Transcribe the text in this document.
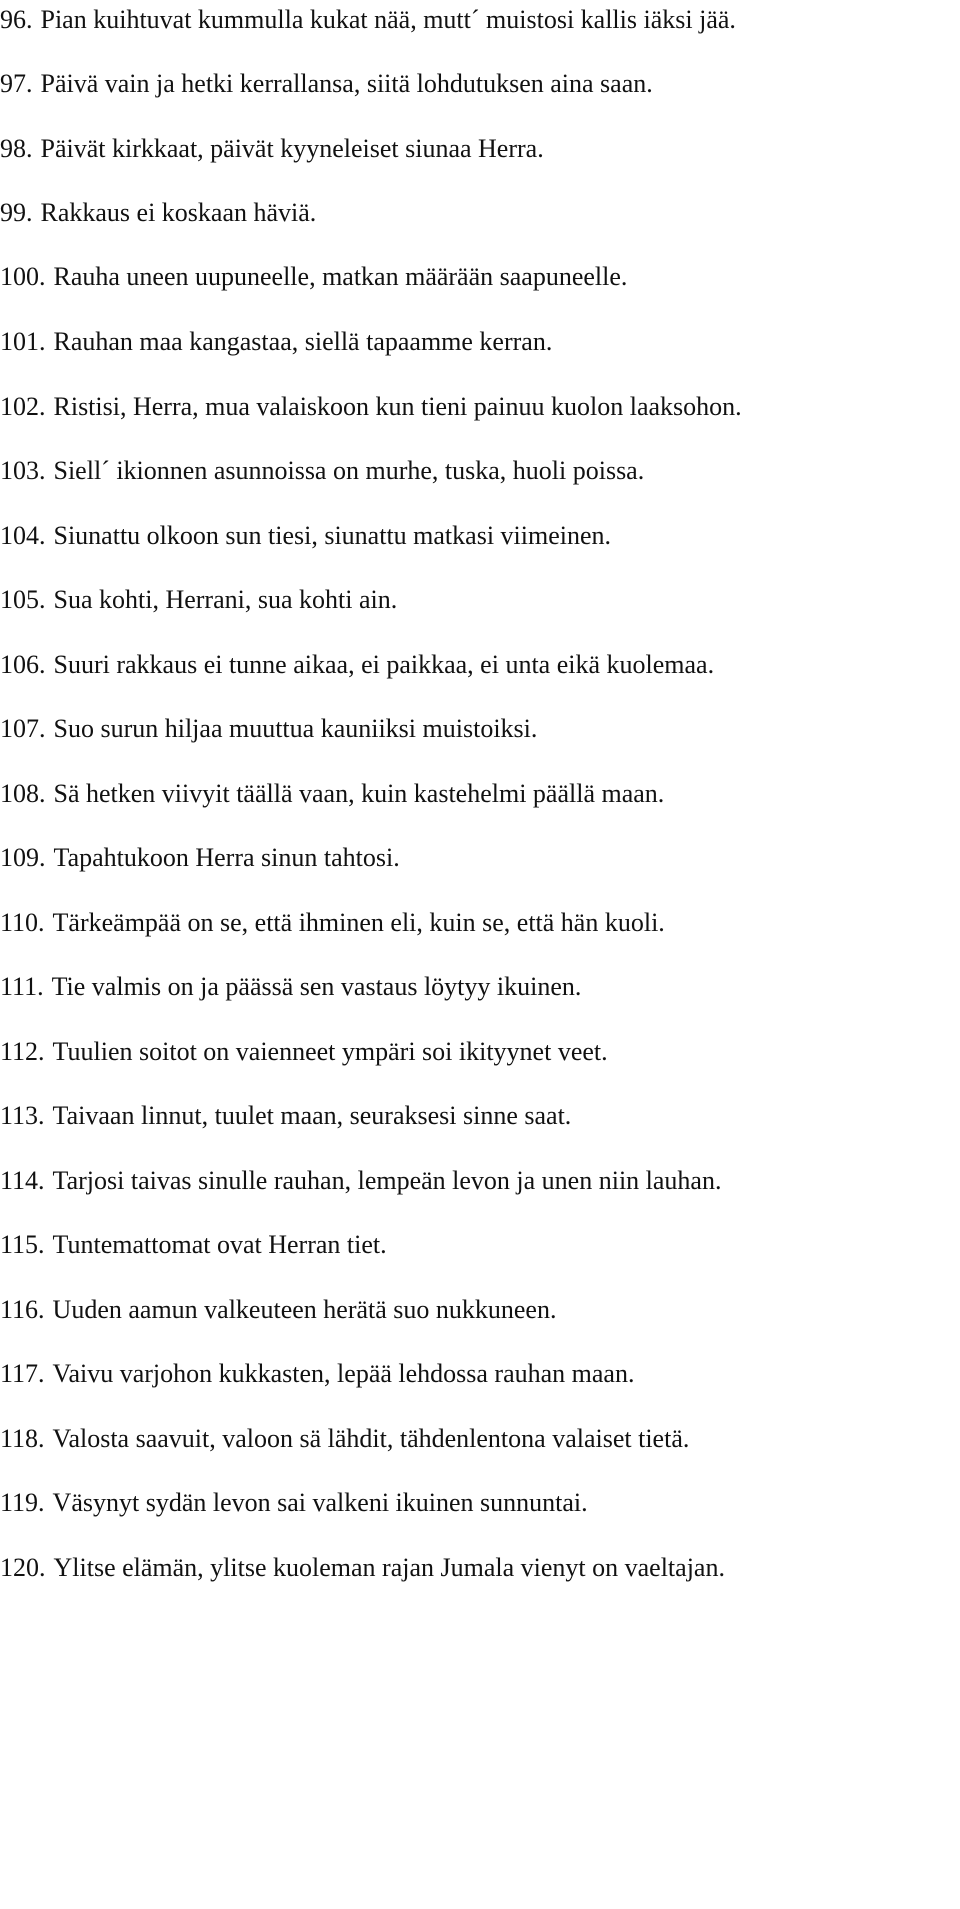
96. Pian kuihtuvat kummulla kukat nää, mutt´ muistosi kallis iäksi jää.
97. Päivä vain ja hetki kerrallansa, siitä lohdutuksen aina saan.
98. Päivät kirkkaat, päivät kyyneleiset siunaa Herra.
99. Rakkaus ei koskaan häviä.
100. Rauha uneen uupuneelle, matkan määrään saapuneelle.
101. Rauhan maa kangastaa, siellä tapaamme kerran.
102. Ristisi, Herra, mua valaiskoon kun tieni painuu kuolon laaksohon.
103. Siell´ ikionnen asunnoissa on murhe, tuska, huoli poissa.
104. Siunattu olkoon sun tiesi, siunattu matkasi viimeinen.
105. Sua kohti, Herrani, sua kohti ain.
106. Suuri rakkaus ei tunne aikaa, ei paikkaa, ei unta eikä kuolemaa.
107. Suo surun hiljaa muuttua kauniiksi muistoiksi.
108. Sä hetken viivyit täällä vaan, kuin kastehelmi päällä maan.
109. Tapahtukoon Herra sinun tahtosi.
110. Tärkeämpää on se, että ihminen eli, kuin se, että hän kuoli.
111. Tie valmis on ja päässä sen vastaus löytyy ikuinen.
112. Tuulien soitot on vaienneet ympäri soi ikityynet veet.
113. Taivaan linnut, tuulet maan, seuraksesi sinne saat.
114. Tarjosi taivas sinulle rauhan, lempeän levon ja unen niin lauhan.
115. Tuntemattomat ovat Herran tiet.
116. Uuden aamun valkeuteen herätä suo nukkuneen.
117. Vaivu varjohon kukkasten, lepää lehdossa rauhan maan.
118. Valosta saavuit, valoon sä lähdit, tähdenlentona valaiset tietä.
119. Väsynyt sydän levon sai valkeni ikuinen sunnuntai.
120. Ylitse elämän, ylitse kuoleman rajan Jumala vienyt on vaeltajan.
